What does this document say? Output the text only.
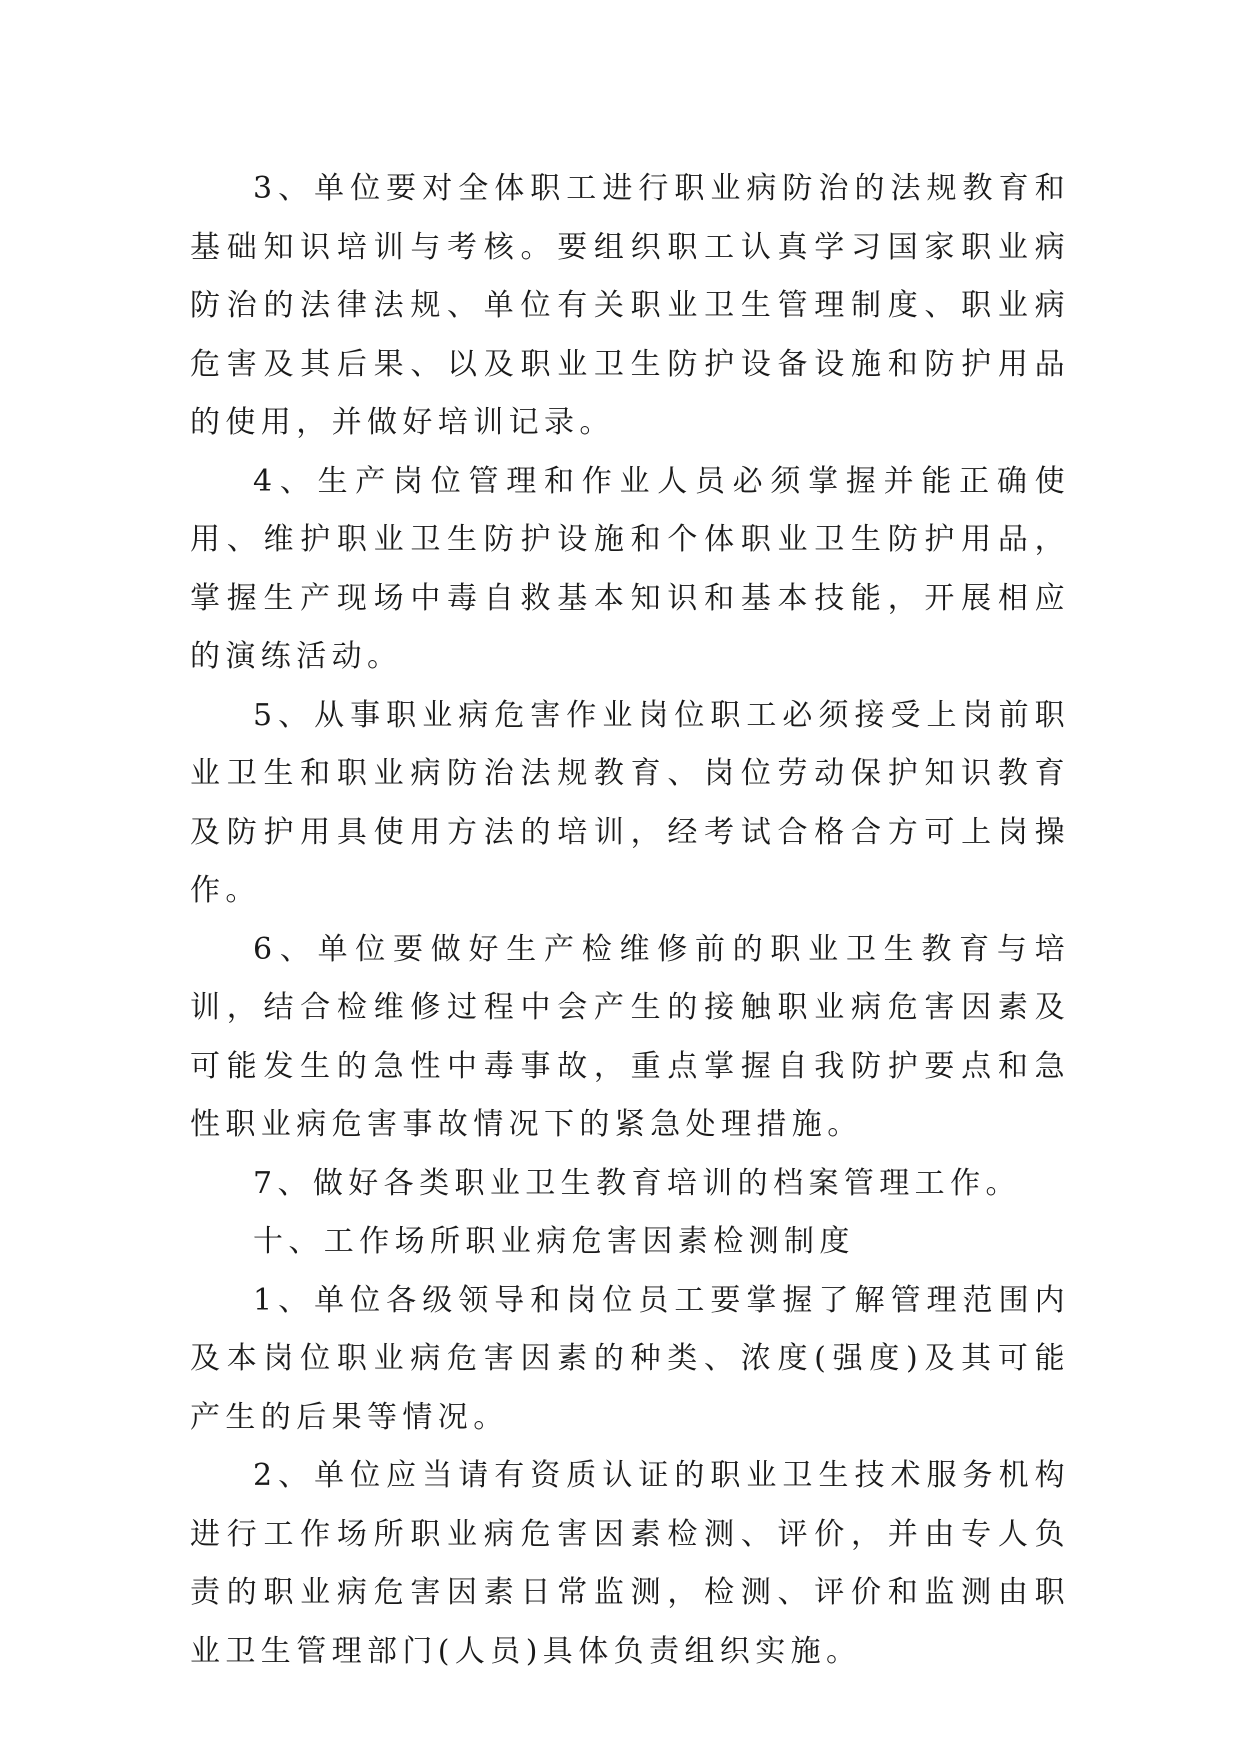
3、单位要对全体职工进行职业病防治的法规教育和基础知识培训与考核。要组织职工认真学习国家职业病防治的法律法规、单位有关职业卫生管理制度、职业病危害及其后果、以及职业卫生防护设备设施和防护用品的使用，并做好培训记录。

4、生产岗位管理和作业人员必须掌握并能正确使用、维护职业卫生防护设施和个体职业卫生防护用品，掌握生产现场中毒自救基本知识和基本技能，开展相应的演练活动。

5、从事职业病危害作业岗位职工必须接受上岗前职业卫生和职业病防治法规教育、岗位劳动保护知识教育及防护用具使用方法的培训，经考试合格合方可上岗操作。

6、单位要做好生产检维修前的职业卫生教育与培训，结合检维修过程中会产生的接触职业病危害因素及可能发生的急性中毒事故，重点掌握自我防护要点和急性职业病危害事故情况下的紧急处理措施。

7、做好各类职业卫生教育培训的档案管理工作。

十、工作场所职业病危害因素检测制度

1、单位各级领导和岗位员工要掌握了解管理范围内及本岗位职业病危害因素的种类、浓度(强度)及其可能产生的后果等情况。

2、单位应当请有资质认证的职业卫生技术服务机构进行工作场所职业病危害因素检测、评价，并由专人负责的职业病危害因素日常监测，检测、评价和监测由职业卫生管理部门(人员)具体负责组织实施。
